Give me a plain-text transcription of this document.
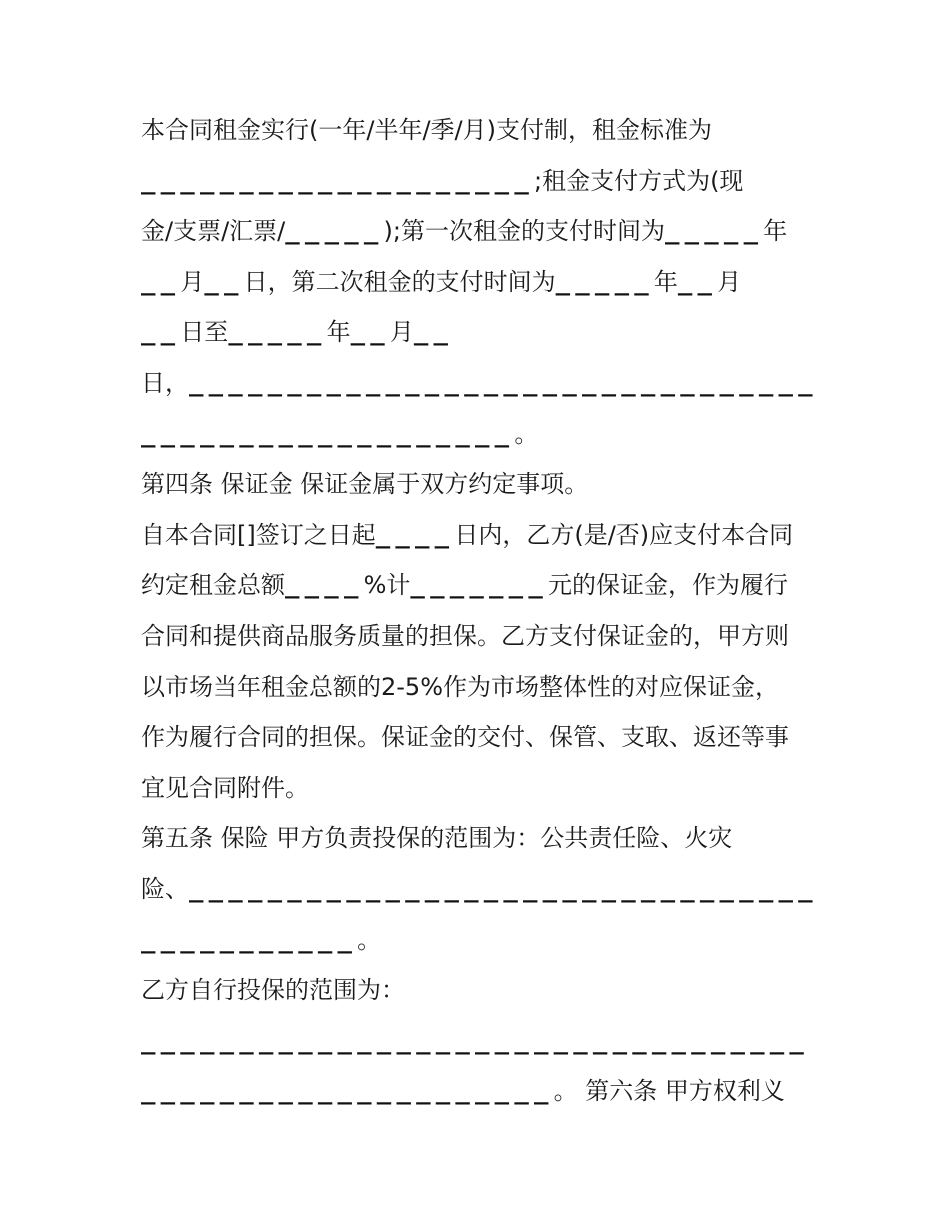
本合同租金实行(一年/半年/季/月)支付制，租金标准为
____________________;租金支付方式为(现
金/支票/汇票/_____);第一次租金的支付时间为_____年
__月__日，第二次租金的支付时间为_____年__月
__日至_____年__月__
日，________________________________
___________________。
第四条 保证金 保证金属于双方约定事项。
自本合同[]签订之日起____日内，乙方(是/否)应支付本合同
约定租金总额____%计_______元的保证金，作为履行
合同和提供商品服务质量的担保。乙方支付保证金的，甲方则
以市场当年租金总额的2-5%作为市场整体性的对应保证金，
作为履行合同的担保。保证金的交付、保管、支取、返还等事
宜见合同附件。
第五条 保险 甲方负责投保的范围为：公共责任险、火灾
险、________________________________
___________。
乙方自行投保的范围为：
__________________________________
_____________________。 第六条 甲方权利义
